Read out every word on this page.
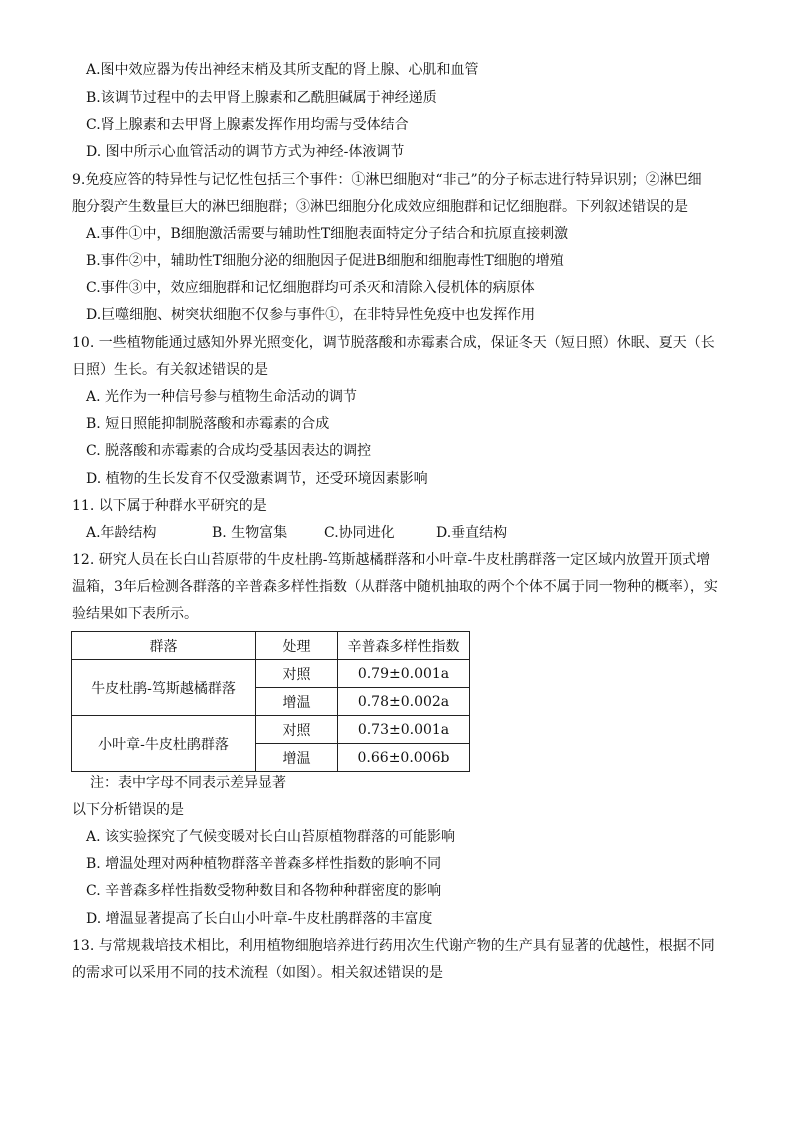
A.图中效应器为传出神经末梢及其所支配的肾上腺、心肌和血管
B.该调节过程中的去甲肾上腺素和乙酰胆碱属于神经递质
C.肾上腺素和去甲肾上腺素发挥作用均需与受体结合
D. 图中所示心血管活动的调节方式为神经-体液调节
9.免疫应答的特异性与记忆性包括三个事件：①淋巴细胞对“非己”的分子标志进行特异识别；②淋巴细
胞分裂产生数量巨大的淋巴细胞群；③淋巴细胞分化成效应细胞群和记忆细胞群。下列叙述错误的是
A.事件①中，B细胞激活需要与辅助性T细胞表面特定分子结合和抗原直接刺激
B.事件②中，辅助性T细胞分泌的细胞因子促进B细胞和细胞毒性T细胞的增殖
C.事件③中，效应细胞群和记忆细胞群均可杀灭和清除入侵机体的病原体
D.巨噬细胞、树突状细胞不仅参与事件①，在非特异性免疫中也发挥作用
10. 一些植物能通过感知外界光照变化，调节脱落酸和赤霉素合成，保证冬天（短日照）休眠、夏天（长
日照）生长。有关叙述错误的是
A. 光作为一种信号参与植物生命活动的调节
B. 短日照能抑制脱落酸和赤霉素的合成
C. 脱落酸和赤霉素的合成均受基因表达的调控
D. 植物的生长发育不仅受激素调节，还受环境因素影响
11. 以下属于种群水平研究的是
A.年龄结构	B. 生物富集	C.协同进化	D.垂直结构
12. 研究人员在长白山苔原带的牛皮杜鹃-笃斯越橘群落和小叶章-牛皮杜鹃群落一定区域内放置开顶式增
温箱，3年后检测各群落的辛普森多样性指数（从群落中随机抽取的两个个体不属于同一物种的概率），实
验结果如下表所示。
群落	处理	辛普森多样性指数
牛皮杜鹃-笃斯越橘群落	对照	0.79±0.001a
	增温	0.78±0.002a
小叶章-牛皮杜鹃群落	对照	0.73±0.001a
	增温	0.66±0.006b
注：表中字母不同表示差异显著
以下分析错误的是
A. 该实验探究了气候变暖对长白山苔原植物群落的可能影响
B. 增温处理对两种植物群落辛普森多样性指数的影响不同
C. 辛普森多样性指数受物种数目和各物种种群密度的影响
D. 增温显著提高了长白山小叶章-牛皮杜鹃群落的丰富度
13. 与常规栽培技术相比，利用植物细胞培养进行药用次生代谢产物的生产具有显著的优越性，根据不同
的需求可以采用不同的技术流程（如图）。相关叙述错误的是
